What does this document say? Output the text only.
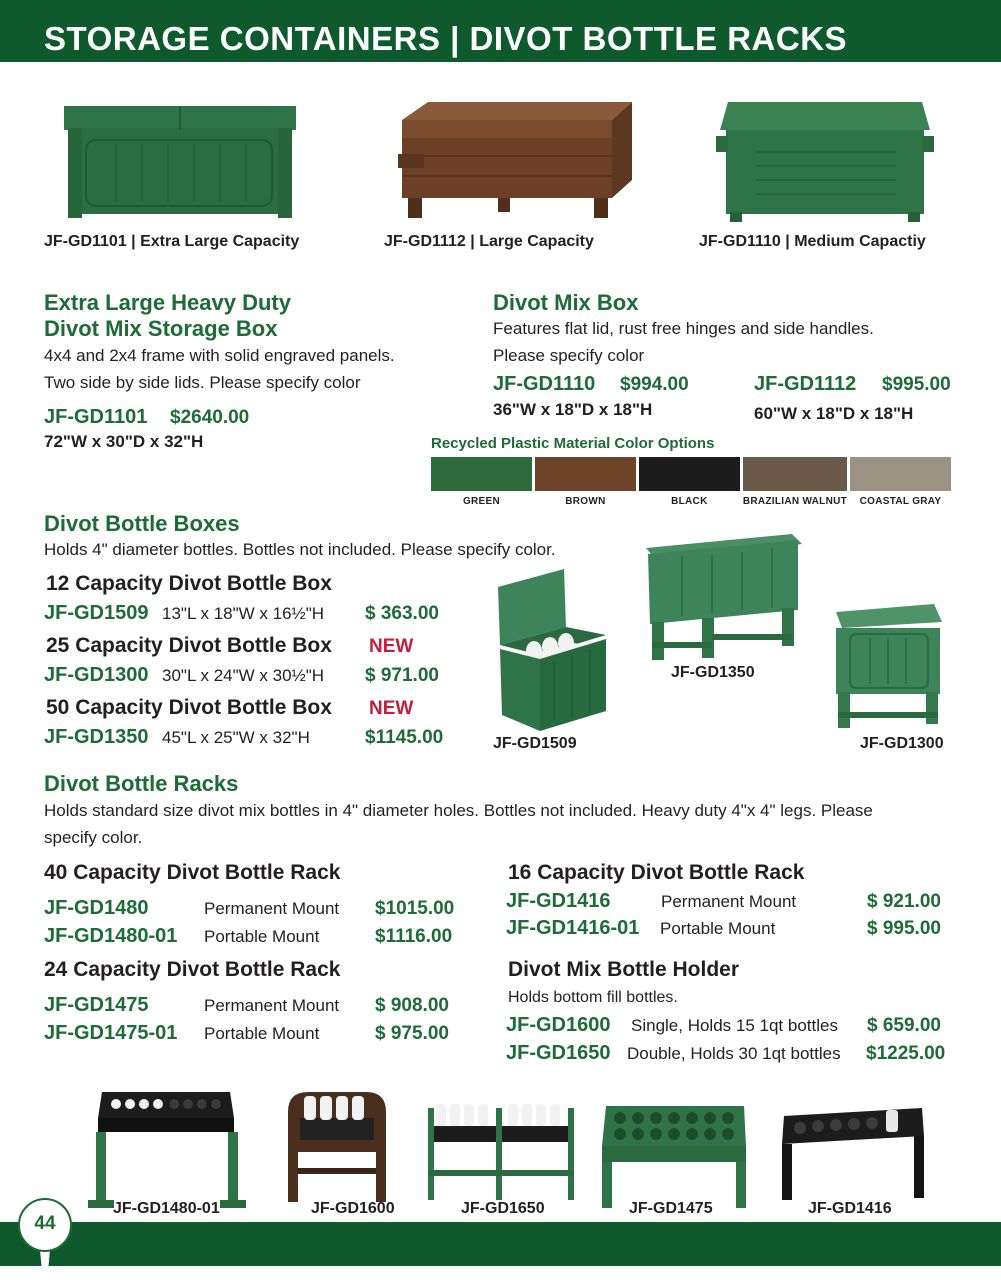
STORAGE CONTAINERS | DIVOT BOTTLE RACKS
JF-GD1101 | Extra Large Capacity	JF-GD1112 | Large Capacity	JF-GD1110 | Medium Capactiy
Extra Large Heavy Duty
Divot Mix Storage Box
4x4 and 2x4 frame with solid engraved panels.
Two side by side lids. Please specify color
JF-GD1101 $2640.00
72"W x 30"D x 32"H
Divot Mix Box
Features flat lid, rust free hinges and side handles.
Please specify color
JF-GD1110 $994.00
36"W x 18"D x 18"H
JF-GD1112 $995.00
60"W x 18"D x 18"H
Recycled Plastic Material Color Options
GREEN	BROWN	BLACK	BRAZILIAN WALNUT	COASTAL GRAY
Divot Bottle Boxes
Holds 4" diameter bottles. Bottles not included. Please specify color.
12 Capacity Divot Bottle Box
JF-GD1509 13"L x 18"W x 16½"H $ 363.00
25 Capacity Divot Bottle Box NEW
JF-GD1300 30"L x 24"W x 30½"H $ 971.00
50 Capacity Divot Bottle Box NEW
JF-GD1350 45"L x 25"W x 32"H	$1145.00	JF-GD1509
JF-GD1350
JF-GD1300
Divot Bottle Racks
Holds standard size divot mix bottles in 4" diameter holes. Bottles not included. Heavy duty 4"x 4" legs. Please
specify color.
40 Capacity Divot Bottle Rack
JF-GD1480	Permanent Mount $1015.00
JF-GD1480-01 Portable Mount	$1116.00
24 Capacity Divot Bottle Rack
JF-GD1475	Permanent Mount $ 908.00
JF-GD1475-01 Portable Mount	$ 975.00
16 Capacity Divot Bottle Rack
JF-GD1416	Permanent Mount	$ 921.00
JF-GD1416-01 Portable Mount	$ 995.00
Divot Mix Bottle Holder
Holds bottom fill bottles.
JF-GD1600 Single, Holds 15 1qt bottles $ 659.00
JF-GD1650 Double, Holds 30 1qt bottles $1225.00
JF-GD1480-01	JF-GD1600	JF-GD1650	JF-GD1475	JF-GD1416
44
